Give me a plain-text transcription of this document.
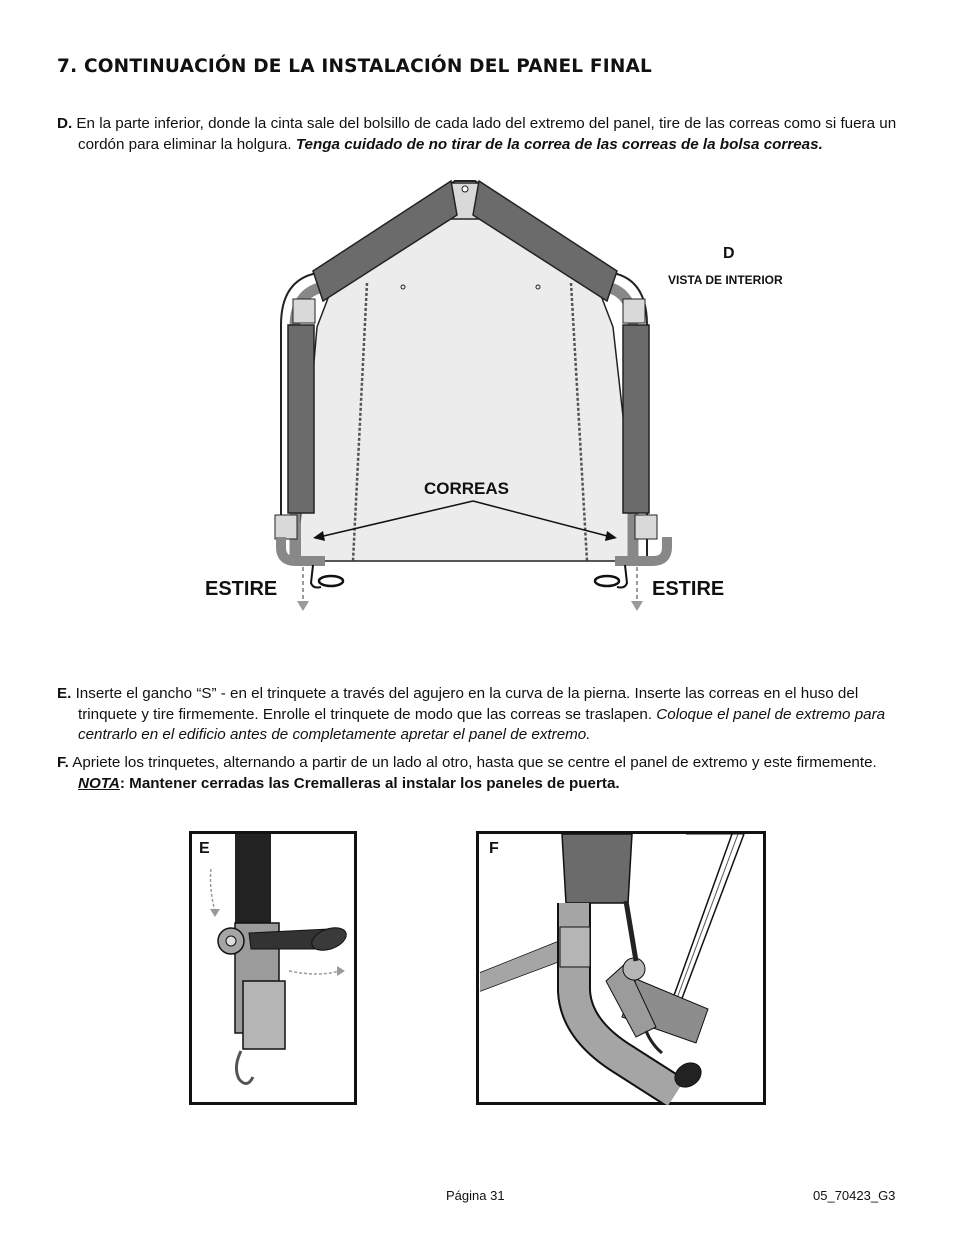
7. CONTINUACIÓN DE LA INSTALACIÓN DEL PANEL FINAL
D. En la parte inferior, donde la cinta sale del bolsillo de cada lado del extremo del panel, tire de las correas como si fuera un cordón para eliminar la holgura. Tenga cuidado de no tirar de la correa de las correas de la bolsa correas.
D
VISTA DE INTERIOR
CORREAS
ESTIRE	ESTIRE
E. Inserte el gancho “S” - en el trinquete a través del agujero en la curva de la pierna. Inserte las correas en el huso del trinquete y tire firmemente. Enrolle el trinquete de modo que las correas se traslapen. Coloque el panel de extremo para centrarlo en el edificio antes de completamente apretar el panel de extremo.
F. Apriete los trinquetes, alternando a partir de un lado al otro, hasta que se centre el panel de extremo y este firmemente. NOTA: Mantener cerradas las Cremalleras al instalar los paneles de puerta.
E	F
Página 31	05_70423_G3
